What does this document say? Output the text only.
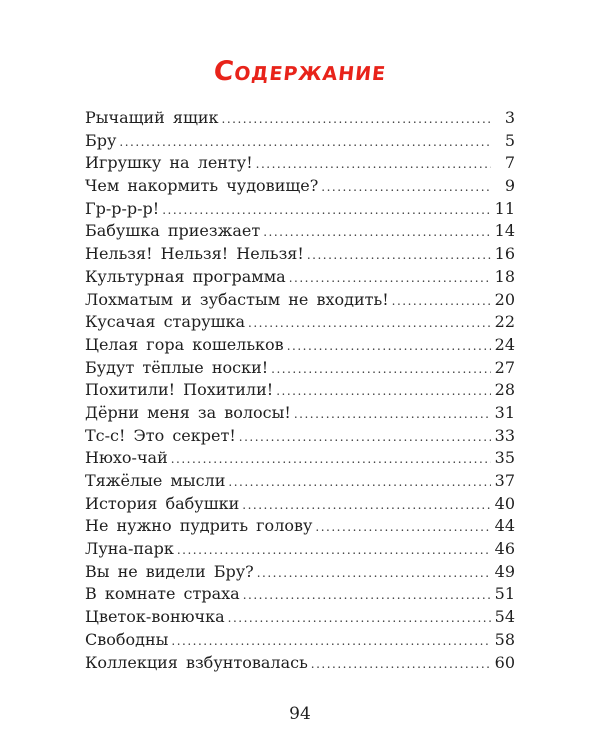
Содержание
Рычащий ящик .....	3
Бру .....	5
Игрушку на ленту! .....	7
Чем накормить чудовище? .....	9
Гр-р-р-р! .....	11
Бабушка приезжает .....	14
Нельзя! Нельзя! Нельзя! .....	16
Культурная программа .....	18
Лохматым и зубастым не входить! .....	20
Кусачая старушка .....	22
Целая гора кошельков .....	24
Будут тёплые носки! .....	27
Похитили! Похитили! .....	28
Дёрни меня за волосы! .....	31
Тс-с! Это секрет! .....	33
Нюхо-чай .....	35
Тяжёлые мысли .....	37
История бабушки .....	40
Не нужно пудрить голову .....	44
Луна-парк .....	46
Вы не видели Бру? .....	49
В комнате страха .....	51
Цветок-вонючка .....	54
Свободны .....	58
Коллекция взбунтовалась .....	60
94
